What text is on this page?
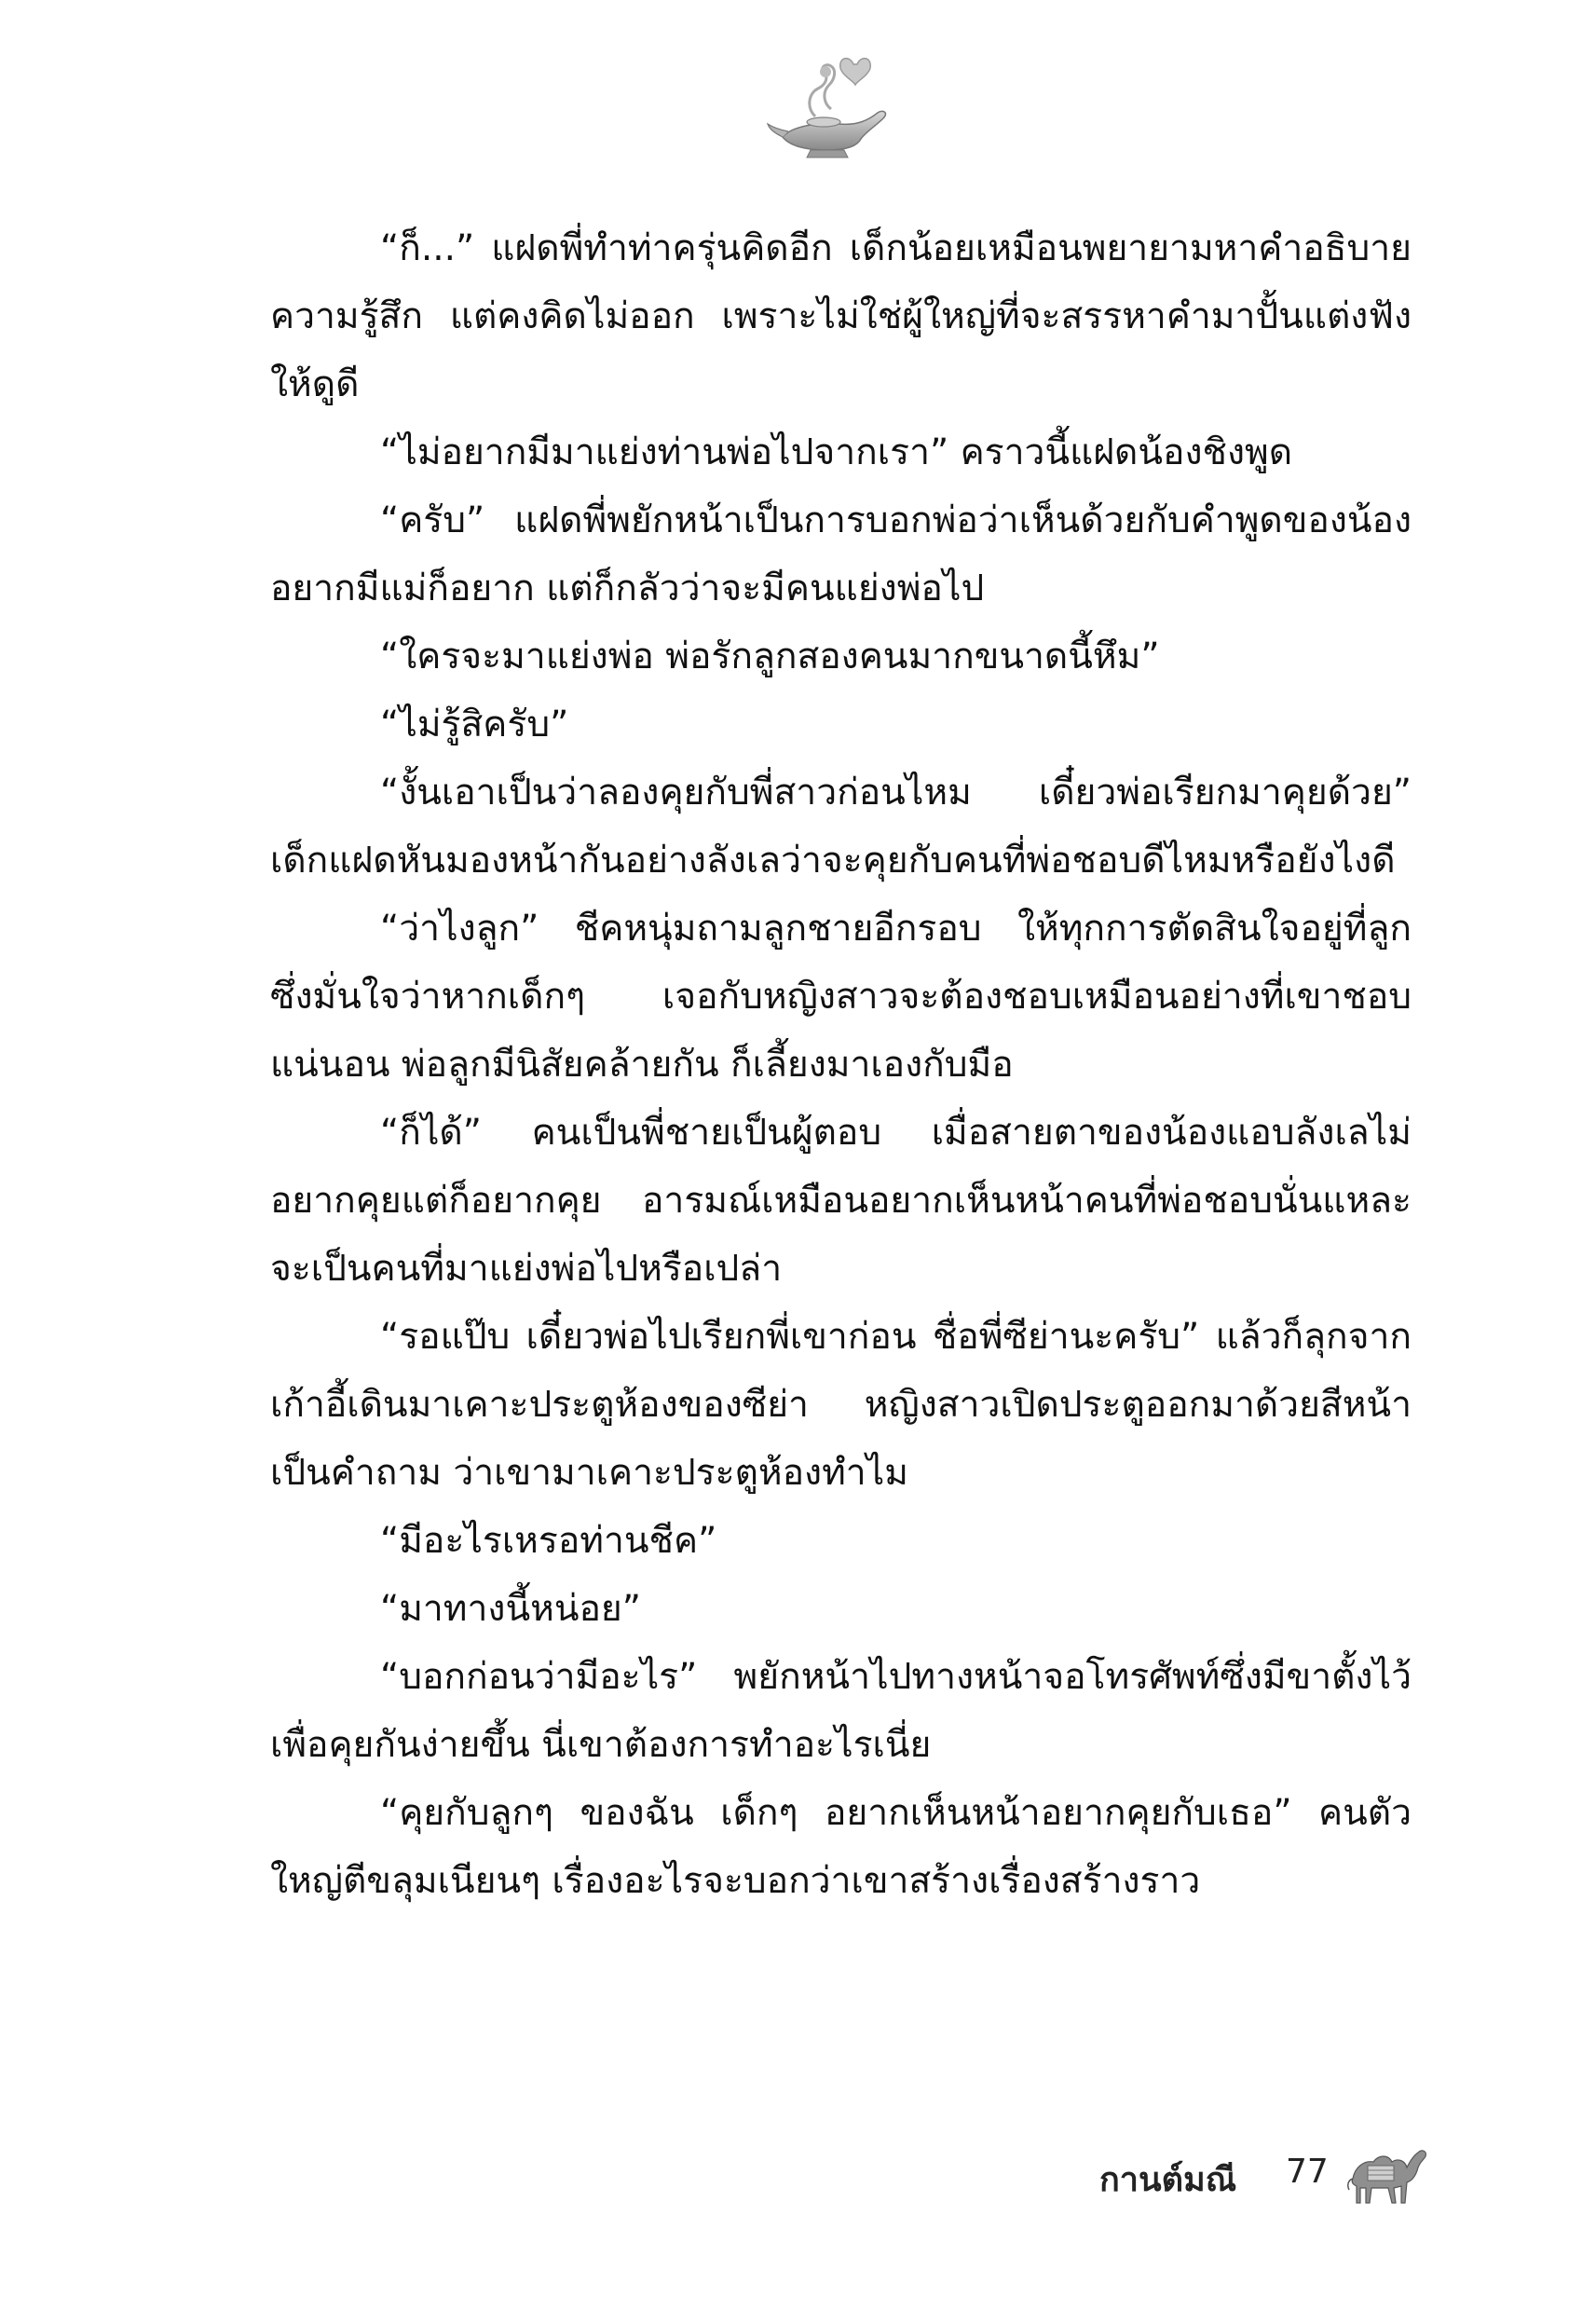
“ก็...” แฝดพี่ทำท่าครุ่นคิดอีก เด็กน้อยเหมือนพยายามหาคำอธิบายความรู้สึก แต่คงคิดไม่ออก เพราะไม่ใช่ผู้ใหญ่ที่จะสรรหาคำมาปั้นแต่งฟังให้ดูดี

“ไม่อยากมีมาแย่งท่านพ่อไปจากเรา” คราวนี้แฝดน้องชิงพูด

“ครับ” แฝดพี่พยักหน้าเป็นการบอกพ่อว่าเห็นด้วยกับคำพูดของน้อง อยากมีแม่ก็อยาก แต่ก็กลัวว่าจะมีคนแย่งพ่อไป

“ใครจะมาแย่งพ่อ พ่อรักลูกสองคนมากขนาดนี้หึม”

“ไม่รู้สิครับ”

“งั้นเอาเป็นว่าลองคุยกับพี่สาวก่อนไหม เดี๋ยวพ่อเรียกมาคุยด้วย” เด็กแฝดหันมองหน้ากันอย่างลังเลว่าจะคุยกับคนที่พ่อชอบดีไหมหรือยังไงดี

“ว่าไงลูก” ชีคหนุ่มถามลูกชายอีกรอบ ให้ทุกการตัดสินใจอยู่ที่ลูก ซึ่งมั่นใจว่าหากเด็กๆ เจอกับหญิงสาวจะต้องชอบเหมือนอย่างที่เขาชอบแน่นอน พ่อลูกมีนิสัยคล้ายกัน ก็เลี้ยงมาเองกับมือ

“ก็ได้” คนเป็นพี่ชายเป็นผู้ตอบ เมื่อสายตาของน้องแอบลังเลไม่อยากคุยแต่ก็อยากคุย อารมณ์เหมือนอยากเห็นหน้าคนที่พ่อชอบนั่นแหละ จะเป็นคนที่มาแย่งพ่อไปหรือเปล่า

“รอแป๊บ เดี๋ยวพ่อไปเรียกพี่เขาก่อน ชื่อพี่ซีย่านะครับ” แล้วก็ลุกจากเก้าอี้เดินมาเคาะประตูห้องของซีย่า หญิงสาวเปิดประตูออกมาด้วยสีหน้าเป็นคำถาม ว่าเขามาเคาะประตูห้องทำไม

“มีอะไรเหรอท่านชีค”

“มาทางนี้หน่อย”

“บอกก่อนว่ามีอะไร” พยักหน้าไปทางหน้าจอโทรศัพท์ซึ่งมีขาตั้งไว้เพื่อคุยกันง่ายขึ้น นี่เขาต้องการทำอะไรเนี่ย

“คุยกับลูกๆ ของฉัน เด็กๆ อยากเห็นหน้าอยากคุยกับเธอ” คนตัวใหญ่ตีขลุมเนียนๆ เรื่องอะไรจะบอกว่าเขาสร้างเรื่องสร้างราว

กานต์มณี 77
